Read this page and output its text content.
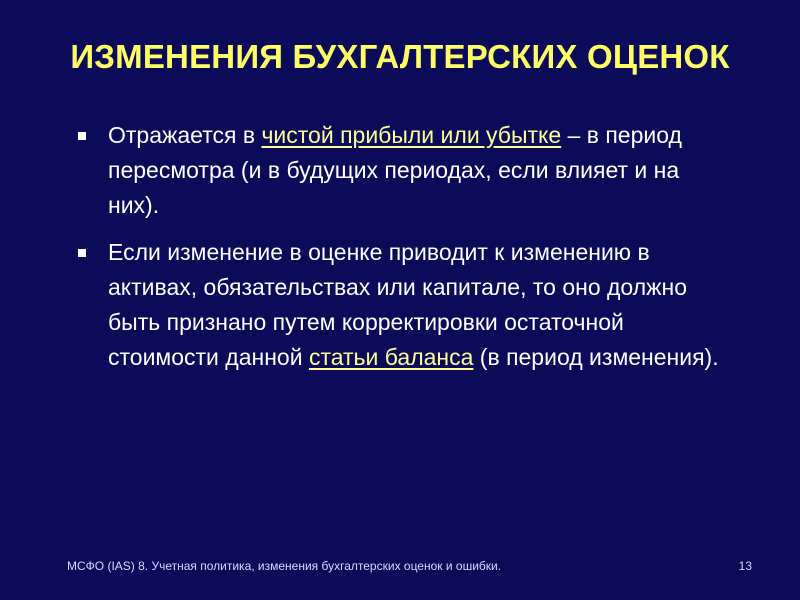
ИЗМЕНЕНИЯ БУХГАЛТЕРСКИХ ОЦЕНОК
Отражается в чистой прибыли или убытке – в период пересмотра (и в будущих периодах, если влияет и на них).
Если изменение в оценке приводит к изменению в активах, обязательствах или капитале, то оно должно быть признано путем корректировки остаточной стоимости данной статьи баланса (в период изменения).
МСФО (IAS) 8. Учетная политика, изменения бухгалтерских оценок и ошибки.	13
